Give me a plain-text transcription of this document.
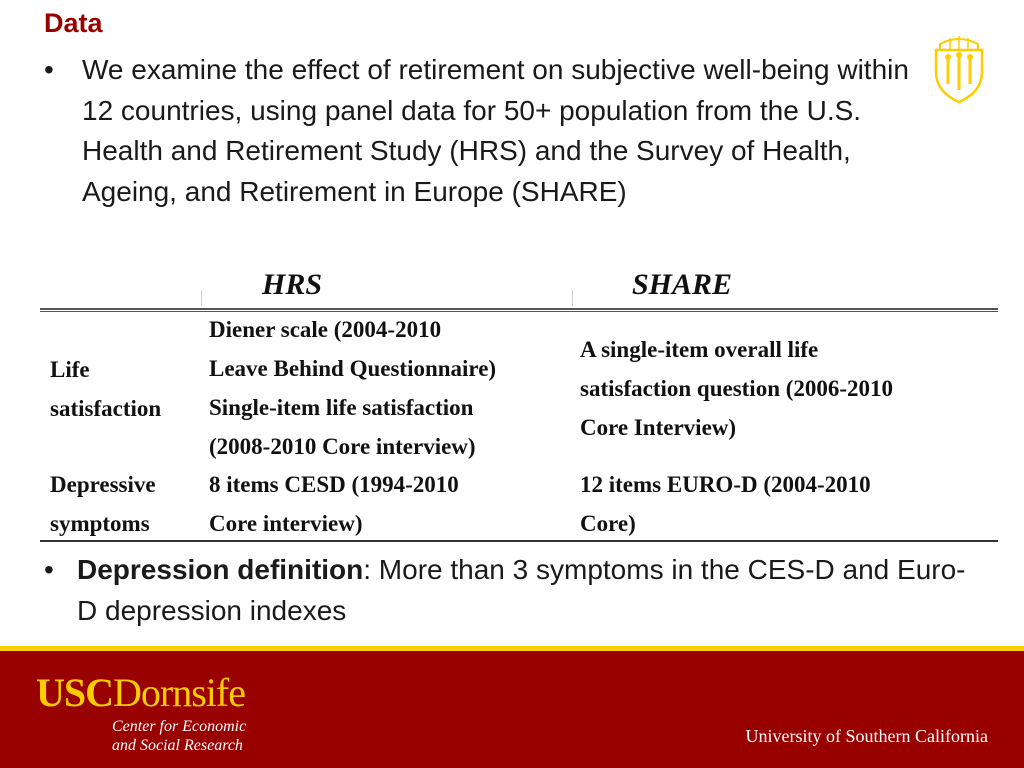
Data
• We examine the effect of retirement on subjective well-being within 12 countries, using panel data for 50+ population from the U.S. Health and Retirement Study (HRS) and the Survey of Health, Ageing, and Retirement in Europe (SHARE)
HRS	SHARE
Life
satisfaction
Diener scale (2004-2010
Leave Behind Questionnaire)
Single-item life satisfaction
(2008-2010 Core interview)
A single-item overall life
satisfaction question (2006-2010
Core Interview)
Depressive
symptoms
8 items CESD (1994-2010
Core interview)
12 items EURO-D (2004-2010
Core)
• Depression definition: More than 3 symptoms in the CES-D and Euro-D depression indexes
USCDornsife
Center for Economic
and Social Research	University of Southern California
